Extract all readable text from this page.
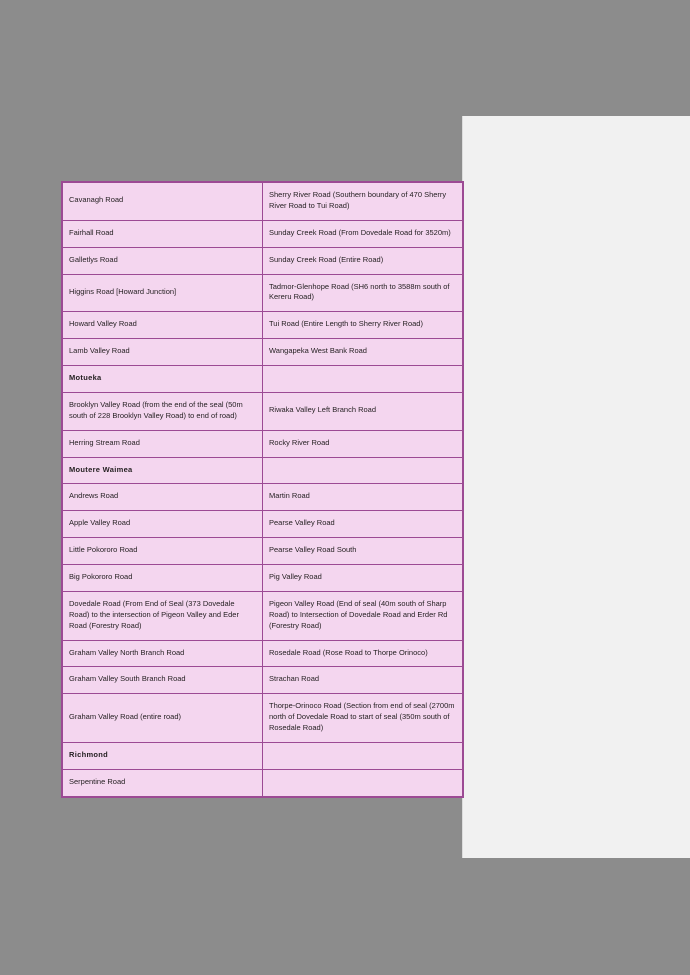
Cavanagh Road	Sherry River Road (Southern boundary of 470 Sherry River Road to Tui Road)
Fairhall Road	Sunday Creek Road (From Dovedale Road for 3520m)
Galletlys Road	Sunday Creek Road (Entire Road)
Higgins Road [Howard Junction]	Tadmor-Glenhope Road (SH6 north to 3588m south of Kereru Road)
Howard Valley Road	Tui Road (Entire Length to Sherry River Road)
Lamb Valley Road	Wangapeka West Bank Road
Motueka	
Brooklyn Valley Road (from the end of the seal (50m south of 228 Brooklyn Valley Road) to end of road)	Riwaka Valley Left Branch Road
Herring Stream Road	Rocky River Road
Moutere Waimea	
Andrews Road	Martin Road
Apple Valley Road	Pearse Valley Road
Little Pokororo Road	Pearse Valley Road South
Big Pokororo Road	Pig Valley Road
Dovedale Road (From End of Seal (373 Dovedale Road) to the intersection of Pigeon Valley and Eder Road (Forestry Road)	Pigeon Valley Road (End of seal (40m south of Sharp Road) to Intersection of Dovedale Road and Erder Rd (Forestry Road)
Graham Valley North Branch Road	Rosedale Road (Rose Road to Thorpe Orinoco)
Graham Valley South Branch Road	Strachan Road
Graham Valley Road (entire road)	Thorpe-Orinoco Road (Section from end of seal (2700m north of Dovedale Road to start of seal (350m south of Rosedale Road)
Richmond	
Serpentine Road	
